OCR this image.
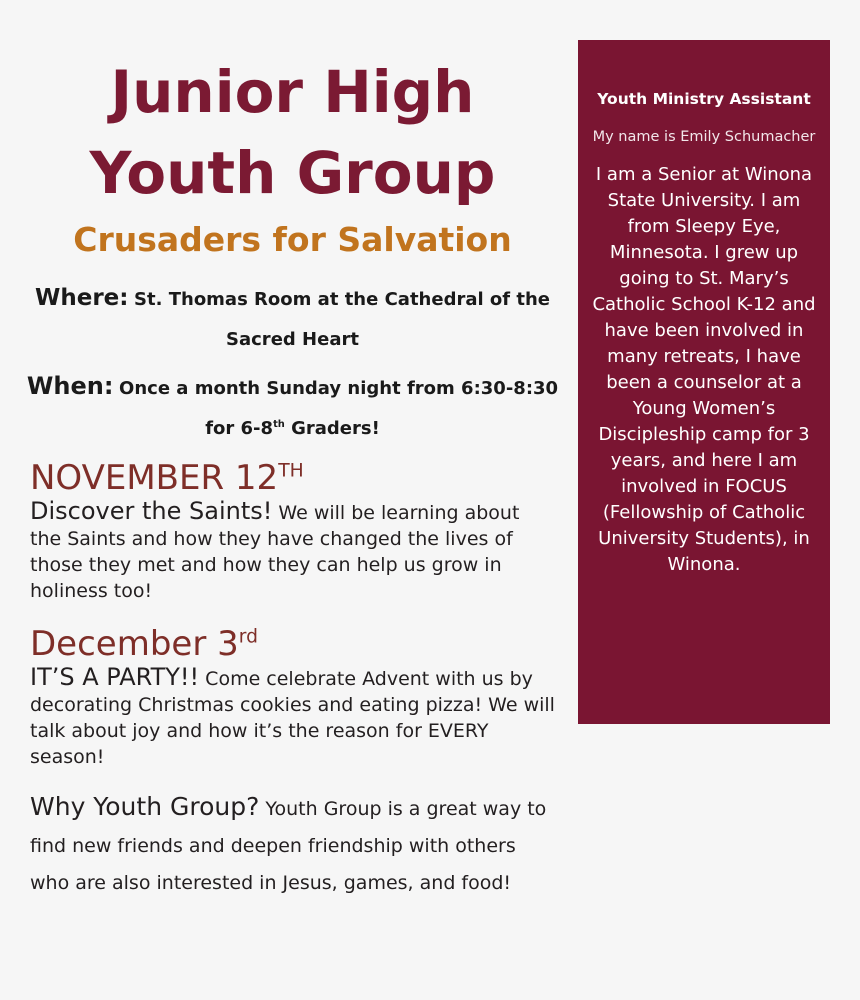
Junior High
Youth Group
Crusaders for Salvation

Where: St. Thomas Room at the Cathedral of the Sacred Heart

When: Once a month Sunday night from 6:30-8:30 for 6-8th Graders!

NOVEMBER 12TH

Discover the Saints! We will be learning about the Saints and how they have changed the lives of those they met and how they can help us grow in holiness too!

December 3rd

IT’S A PARTY!! Come celebrate Advent with us by decorating Christmas cookies and eating pizza! We will talk about joy and how it’s the reason for EVERY season!

Why Youth Group? Youth Group is a great way to find new friends and deepen friendship with others who are also interested in Jesus, games, and food!

Youth Ministry Assistant

My name is Emily Schumacher

I am a Senior at Winona State University. I am from Sleepy Eye, Minnesota. I grew up going to St. Mary’s Catholic School K-12 and have been involved in many retreats, I have been a counselor at a Young Women’s Discipleship camp for 3 years, and here I am involved in FOCUS (Fellowship of Catholic University Students), in Winona.
